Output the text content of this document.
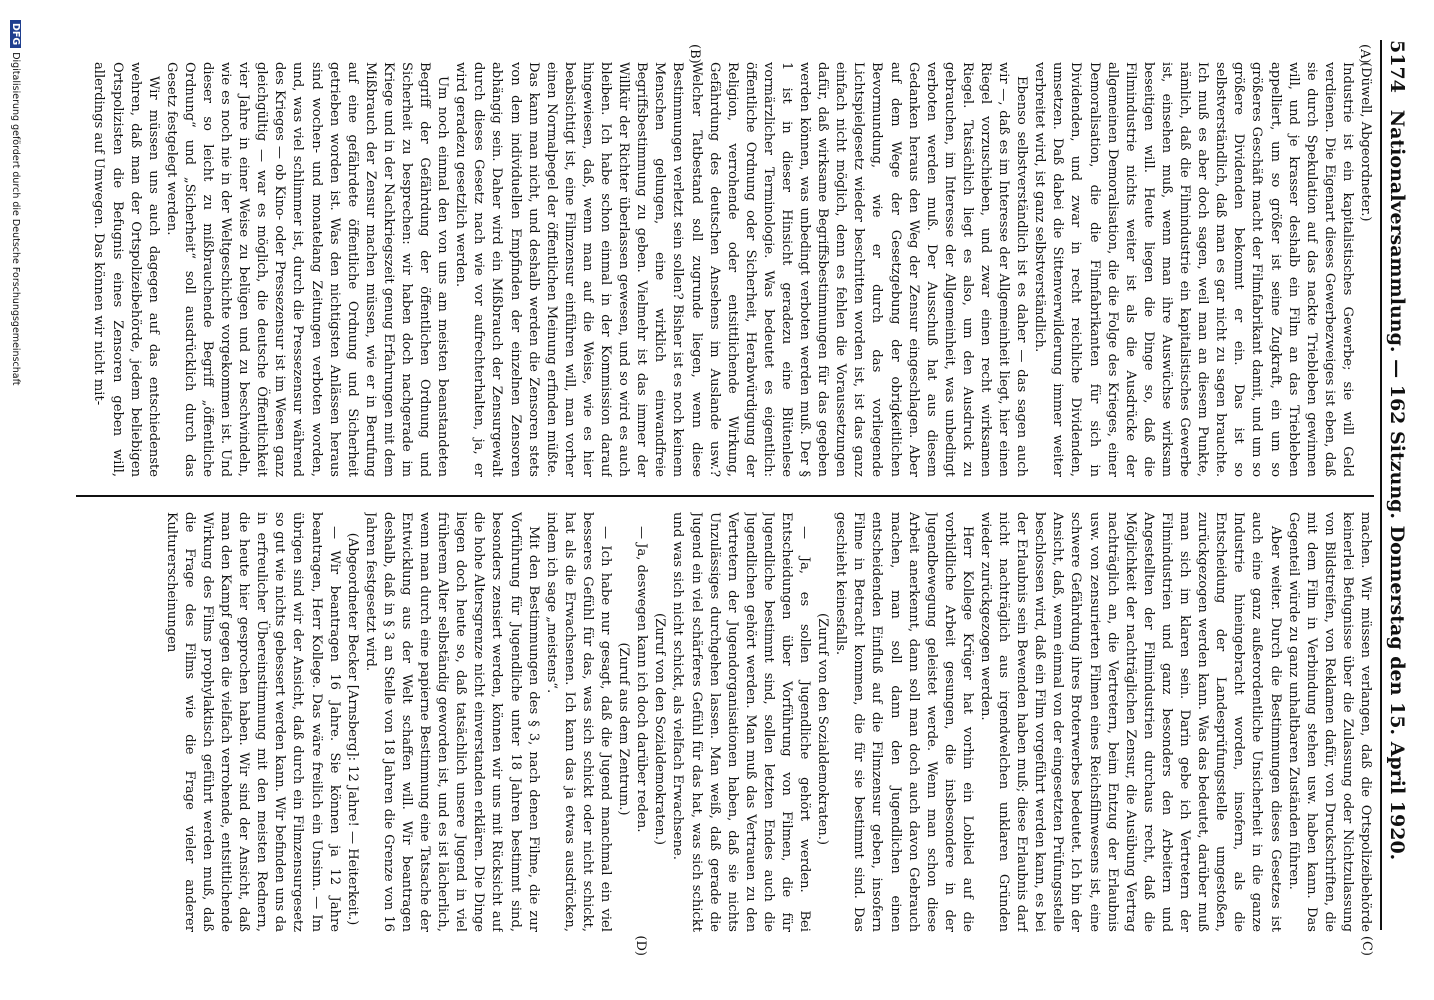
5174
Nationalversammlung. — 162 Sitzung. Donnerstag den 15. April 1920.
(A)
(B)
(C)
(D)

(Düwell, Abgeordneter.)

Industrie ist ein kapitalistisches Gewerbe; sie will Geld verdienen. Die Eigenart dieses Gewerbezweiges ist eben, daß sie durch Spekulation auf das nackte Triebleben gewinnen will, und je krasser deshalb ein Film an das Triebleben appelliert, um so größer ist seine Zugkraft, ein um so größeres Geschäft macht der Filmfabrikant damit, und um so größere Dividenden bekommt er ein. Das ist so selbstverständlich, daß man es gar nicht zu sagen brauchte. Ich muß es aber doch sagen, weil man an diesem Punkte, nämlich, daß die Filmindustrie ein kapitalistisches Gewerbe ist, einsehen muß, wenn man ihre Auswüchse wirksam beseitigen will. Heute liegen die Dinge so, daß die Filmindustrie nichts weiter ist als die Ausdrücke der allgemeinen Demoralisation, die die Folge des Krieges, einer Demoralisation, die die Filmfabrikanten für sich in Dividenden, und zwar in recht reichliche Dividenden, umsetzen. Daß dabei die Sittenverwilderung immer weiter verbreitet wird, ist ganz selbstverständlich.

Ebenso selbstverständlich ist es daher — das sagen auch wir —, daß es im Interesse der Allgemeinheit liegt, hier einen Riegel vorzuschieben, und zwar einen recht wirksamen Riegel. Tatsächlich liegt es also, um den Ausdruck zu gebrauchen, im Interesse der Allgemeinheit, was unbedingt verboten werden muß. Der Ausschuß hat aus diesem Gedanken heraus den Weg der Zensur eingeschlagen. Aber auf dem Wege der Gesetzgebung der obrigkeitlichen Bevormundung, wie er durch das vorliegende Lichtspielgesetz wieder beschritten worden ist, ist das ganz einfach nicht möglich, denn es fehlen die Voraussetzungen dafür, daß wirksame Begriffsbestimmungen für das gegeben werden können, was unbedingt verboten werden muß. Der § 1 ist in dieser Hinsicht geradezu eine Blütenlese vormärzlicher Terminologie. Was bedeutet es eigentlich: öffentliche Ordnung oder Sicherheit, Herabwürdigung der Religion, verrohende oder entsittlichende Wirkung, Gefährdung des deutschen Ansehens im Auslande usw.? Welcher Tatbestand soll zugrunde liegen, wenn diese Bestimmungen verletzt sein sollen? Bisher ist es noch keinem Menschen gelungen, eine wirklich einwandfreie Begriffsbestimmung zu geben. Vielmehr ist das immer der Willkür der Richter überlassen gewesen, und so wird es auch bleiben. Ich habe schon einmal in der Kommission darauf hingewiesen, daß, wenn man auf die Weise, wie es hier beabsichtigt ist, eine Filmzensur einführen will, man vorher einen Normalpegel der öffentlichen Meinung erfinden müßte. Das kann man nicht, und deshalb werden die Zensoren stets von dem individuellen Empfinden der einzelnen Zensoren abhängig sein. Daher wird ein Mißbrauch der Zensurgewalt durch dieses Gesetz nach wie vor aufrechterhalten, ja, er wird geradezu gesetzlich werden.

Um noch einmal den von uns am meisten beanstandeten Begriff der Gefährdung der öffentlichen Ordnung und Sicherheit zu besprechen: wir haben doch nachgerade im Kriege und in der Nachkriegszeit genug Erfahrungen mit dem Mißbrauch der Zensur machen müssen, wie er in Berufung auf eine gefährdete öffentliche Ordnung und Sicherheit getrieben worden ist. Was den nichtigsten Anlässen heraus sind wochen- und monatelang Zeitungen verboten worden, und, was viel schlimmer ist, durch die Pressezensur während des Krieges — ob Kino- oder Pressezensur ist im Wesen ganz gleichgültig — war es möglich, die deutsche Öffentlichkeit vier Jahre in einer Weise zu belügen und zu beschwindeln, wie es noch nie in der Weltgeschichte vorgekommen ist. Und dieser so leicht zu mißbrauchende Begriff „öffentliche Ordnung“ und „Sicherheit“ soll ausdrücklich durch das Gesetz festgelegt werden.

Wir müssen uns auch dagegen auf das entschiedenste wehren, daß man der Ortspolizeibehörde, jedem beliebigen Ortspolizisten die Befugnis eines Zensoren geben will, allerdings auf Umwegen. Das können wir nicht mit-

machen. Wir müssen verlangen, daß die Ortspolizeibehörde keinerlei Befugnisse über die Zulassung oder Nichtzulassung von Bildstreifen, von Reklamen dafür, von Druckschriften, die mit dem Film in Verbindung stehen usw. haben kann. Das Gegenteil würde zu ganz unhaltbaren Zuständen führen.

Aber weiter. Durch die Bestimmungen dieses Gesetzes ist auch eine ganz außerordentliche Unsicherheit in die ganze Industrie hineingebracht worden, insofern, als die Entscheidung der Landesprüfungsstelle umgestoßen, zurückgezogen werden kann. Was das bedeutet, darüber muß man sich im klaren sein. Darin gebe ich Vertretern der Filmindustrien und ganz besonders den Arbeitern und Angestellten der Filmindustrien durchaus recht, daß die Möglichkeit der nachträglichen Zensur, die Ausübung Vertrag nachträglich an, die Vertretern, beim Entzug der Erlaubnis usw. von zensurierten Filmen eines Reichsfilmwesens ist, eine schwere Gefährdung ihres Broterwerbes bedeutet. Ich bin der Ansicht, daß, wenn einmal von der eingesetzten Prüfungsstelle beschlossen wird, daß ein Film vorgeführt werden kann, es bei der Erlaubnis sein Bewenden haben muß; diese Erlaubnis darf nicht nachträglich aus irgendwelchen unklaren Gründen wieder zurückgezogen werden.

Herr Kollege Krüger hat vorhin ein Loblied auf die vorbildliche Arbeit gesungen, die insbesondere in der Jugendbewegung geleistet werde. Wenn man schon diese Arbeit anerkennt, dann soll man doch auch davon Gebrauch machen, man soll dann den Jugendlichen einen entscheidenden Einfluß auf die Filmzensur geben, insofern Filme in Betracht kommen, die für sie bestimmt sind. Das geschieht keinesfalls.

(Zuruf von den Sozialdemokraten.)

— Ja, es sollen Jugendliche gehört werden. Bei Entscheidungen über Vorführung von Filmen, die für Jugendliche bestimmt sind, sollen letzten Endes auch die Jugendlichen gehört werden. Man muß das Vertrauen zu den Vertretern der Jugendorganisationen haben, daß sie nichts Unzulässiges durchgehen lassen. Man weiß, daß gerade die Jugend ein viel schärferes Gefühl für das hat, was sich schickt und was sich nicht schickt, als vielfach Erwachsene.

(Zuruf von den Sozialdemokraten.)

— Ja, deswegen kann ich doch darüber reden.

(Zuruf aus dem Zentrum.)

— Ich habe nur gesagt, daß die Jugend manchmal ein viel besseres Gefühl für das, was sich schickt oder nicht schickt, hat als die Erwachsenen. Ich kann das ja etwas ausdrücken, indem ich sage „meistens“.

Mit den Bestimmungen des § 3, nach denen Filme, die zur Vorführung für Jugendliche unter 18 Jahren bestimmt sind, besonders zensiert werden, können wir uns mit Rücksicht auf die hohe Altersgrenze nicht einverstanden erklären. Die Dinge liegen doch heute so, daß tatsächlich unsere Jugend in viel früherem Alter selbständig geworden ist, und es ist lächerlich, wenn man durch eine papierne Bestimmung eine Tatsache der Entwicklung aus der Welt schaffen will. Wir beantragen deshalb, daß in § 3 an Stelle von 18 Jahren die Grenze von 16 Jahren festgesetzt wird.

(Abgeordneter Becker [Arnsberg]: 12 Jahre! — Heiterkeit.)

— Wir beantragen 16 Jahre. Sie können ja 12 Jahre beantragen, Herr Kollege. Das wäre freilich ein Unsinn. — Im übrigen sind wir der Ansicht, daß durch ein Filmzensurgesetz so gut wie nichts gebessert werden kann. Wir befinden uns da in erfreulicher Übereinstimmung mit den meisten Rednern, die heute hier gesprochen haben. Wir sind der Ansicht, daß man den Kampf gegen die vielfach verrohende, entsittlichende Wirkung des Films prophylaktisch geführt werden muß, daß die Frage des Films wie die Frage vieler anderer Kulturerscheinungen

DFGDigitalisierung gefördert durch die Deutsche Forschungsgemeinschaft
